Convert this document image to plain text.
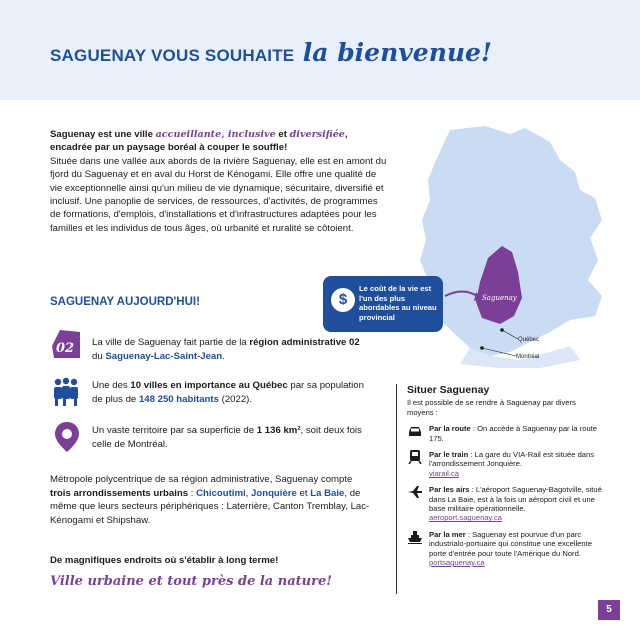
SAGUENAY VOUS SOUHAITE la bienvenue!
Saguenay est une ville accueillante, inclusive et diversifiée,
encadrée par un paysage boréal à couper le souffle!
Située dans une vallée aux abords de la rivière Saguenay, elle est en amont du fjord du Saguenay et en aval du Horst de Kénogami. Elle offre une qualité de vie exceptionnelle ainsi qu'un milieu de vie dynamique, sécuritaire, diversifié et inclusif. Une panoplie de services, de ressources, d'activités, de programmes de formations, d'emplois, d'installations et d'infrastructures adaptées pour les familles et les individus de tous âges, où urbanité et ruralité se côtoient.
Saguenay
Québec
Montréal
$
Le coût de la vie est l'un des plus abordables au niveau provincial
SAGUENAY AUJOURD'HUI!
02 La ville de Saguenay fait partie de la région administrative 02 du Saguenay-Lac-Saint-Jean.
Une des 10 villes en importance au Québec par sa population de plus de 148 250 habitants (2022).
Un vaste territoire par sa superficie de 1 136 km², soit deux fois celle de Montréal.
Métropole polycentrique de sa région administrative, Saguenay compte trois arrondissements urbains : Chicoutimi, Jonquière et La Baie, de même que leurs secteurs périphériques : Laterrière, Canton Tremblay, Lac-Kénogami et Shipshaw.
De magnifiques endroits où s'établir à long terme!
Ville urbaine et tout près de la nature!
Situer Saguenay
Il est possible de se rendre à Saguenay par divers moyens :
Par la route : On accède à Saguenay par la route 175.
Par le train : La gare du VIA-Rail est située dans l'arrondissement Jonquière.
viarail.ca
Par les airs : L'aéroport Saguenay-Bagotville, situé dans La Baie, est à la fois un aéroport civil et une base militaire opérationnelle.
aeroport.saguenay.ca
Par la mer : Saguenay est pourvue d'un parc industrialo-portuaire qui constitue une excellente porte d'entrée pour toute l'Amérique du Nord.
portsaguenay.ca
5
